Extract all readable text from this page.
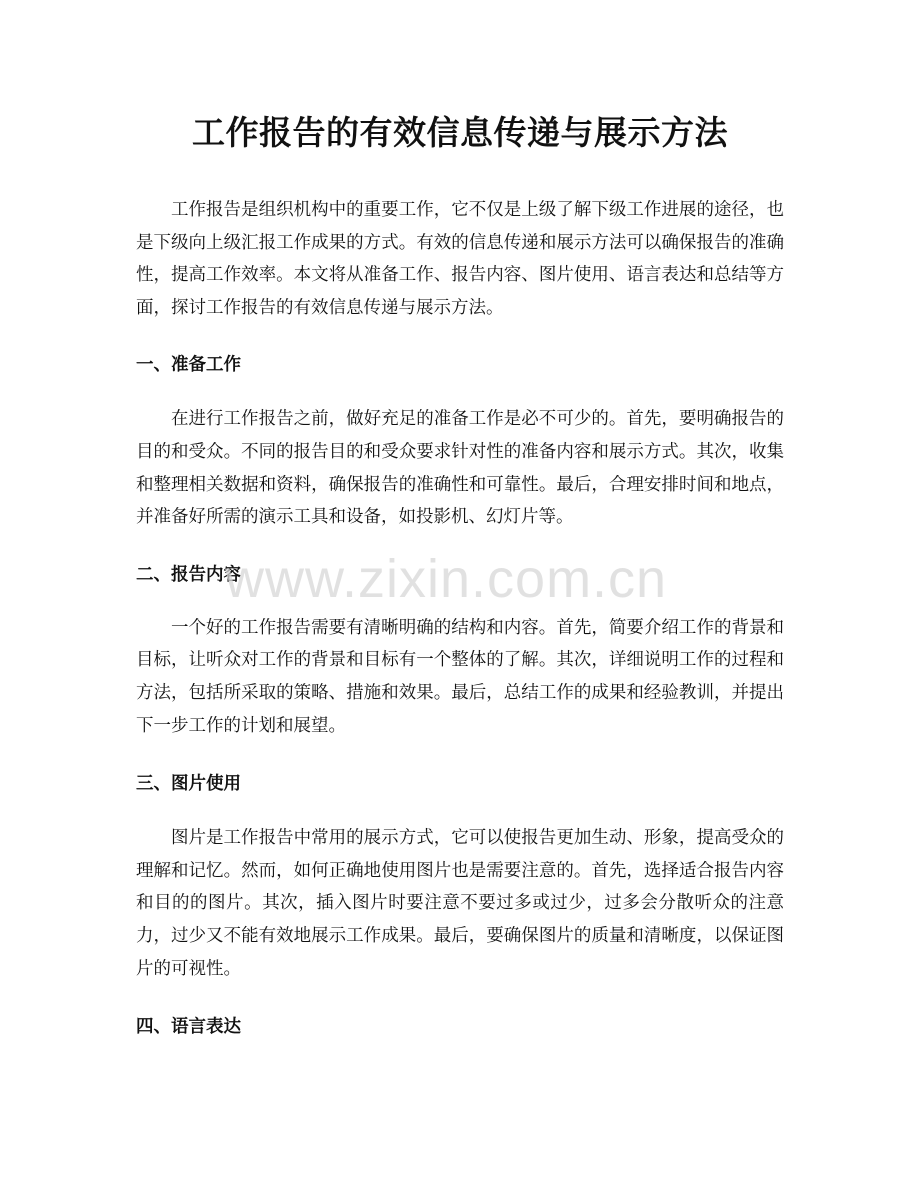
工作报告的有效信息传递与展示方法

工作报告是组织机构中的重要工作，它不仅是上级了解下级工作进展的途径，也是下级向上级汇报工作成果的方式。有效的信息传递和展示方法可以确保报告的准确性，提高工作效率。本文将从准备工作、报告内容、图片使用、语言表达和总结等方面，探讨工作报告的有效信息传递与展示方法。

一、准备工作

在进行工作报告之前，做好充足的准备工作是必不可少的。首先，要明确报告的目的和受众。不同的报告目的和受众要求针对性的准备内容和展示方式。其次，收集和整理相关数据和资料，确保报告的准确性和可靠性。最后，合理安排时间和地点，并准备好所需的演示工具和设备，如投影机、幻灯片等。

二、报告内容

一个好的工作报告需要有清晰明确的结构和内容。首先，简要介绍工作的背景和目标，让听众对工作的背景和目标有一个整体的了解。其次，详细说明工作的过程和方法，包括所采取的策略、措施和效果。最后，总结工作的成果和经验教训，并提出下一步工作的计划和展望。

三、图片使用

图片是工作报告中常用的展示方式，它可以使报告更加生动、形象，提高受众的理解和记忆。然而，如何正确地使用图片也是需要注意的。首先，选择适合报告内容和目的的图片。其次，插入图片时要注意不要过多或过少，过多会分散听众的注意力，过少又不能有效地展示工作成果。最后，要确保图片的质量和清晰度，以保证图片的可视性。

四、语言表达
www.zixin.com.cn
